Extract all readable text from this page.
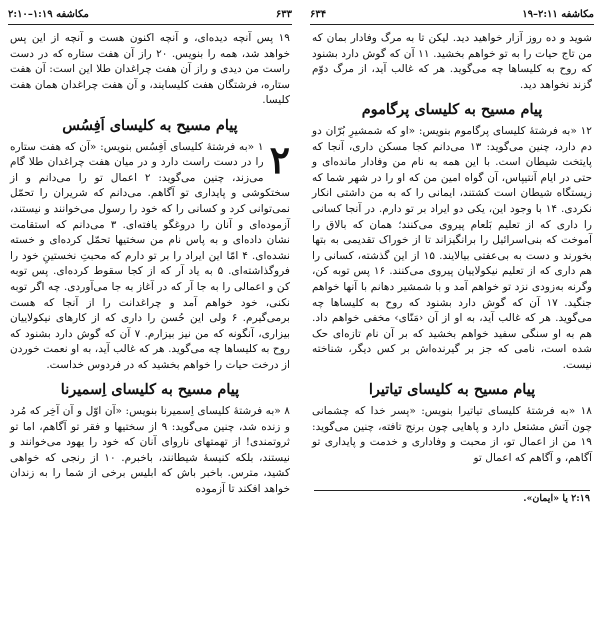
۶۳۳
مکاشفه ۱:۱۹–۲:۱۰

۱۹ پس آنچه دیده‌ای، و آنچه اکنون هست و آنچه از این پس خواهد شد، همه را بنویس. ۲۰ راز آن هفت ستاره که در دست راست من دیدی و راز آن هفت چراغدان طلا این است: آن هفت ستاره، فرشتگان هفت کلیسایند، و آن هفت چراغدان همان هفت کلیسا.

پیام مسیح به کلیسای اَفِسُس
۲

۱ «به فرشتهٔ کلیسای اَفِسُس بنویس: «آن که هفت ستاره را در دست راست دارد و در میان هفت چراغدان طلا گام می‌زند، چنین می‌گوید: ۲ اعمال تو را می‌دانم و از سختکوشی و پایداری تو آگاهم. می‌دانم که شریران را تحمّل نمی‌توانی کرد و کسانی را که خود را رسول می‌خوانند و نیستند، آزموده‌ای و آنان را دروغگو یافته‌ای. ۳ می‌دانم که استقامت نشان داده‌ای و به پاس نام من سختیها تحمّل کرده‌ای و خسته نشده‌ای. ۴ امّا این ایراد را بر تو دارم که محبتِ نخستینِ خود را فروگذاشته‌ای. ۵ به یاد آر که از کجا سقوط کرده‌ای. پس توبه کن و اعمالی را به جا آر که در آغاز به جا می‌آوردی. چه اگر توبه نکنی، خود خواهم آمد و چراغدانت را از آنجا که هست برمی‌گیرم. ۶ ولی این حُسن را داری که از کارهای نیکولاییان بیزاری، آنگونه که من نیز بیزارم. ۷ آن که گوش دارد بشنود که روح به کلیساها چه می‌گوید. هر که غالب آید، به او نعمت خوردن از درخت حیات را خواهم بخشید که در فردوس خداست.

پیام مسیح به کلیسای اِسمیرنا

۸ «به فرشتهٔ کلیسای اِسمیرنا بنویس: «آن اوّل و آن آخِر که مُرد و زنده شد، چنین می‌گوید: ۹ از سختیها و فقر تو آگاهم، اما تو ثروتمندی! از تهمتهای ناروای آنان که خود را یهود می‌خوانند و نیستند، بلکه کنیسهٔ شیطانند، باخبرم. ۱۰ از رنجی که خواهی کشید، مترس. باخبر باش که ابلیس برخی از شما را به زندان خواهد افکند تا آزموده

مکاشفه ۲:۱۱–۱۹
۶۳۴

شوید و ده روز آزار خواهید دید. لیکن تا به مرگ وفادار بمان که من تاج حیات را به تو خواهم بخشید. ۱۱ آن که گوش دارد بشنود که روح به کلیساها چه می‌گوید. هر که غالب آید، از مرگ دوّم گزند نخواهد دید.

پیام مسیح به کلیسای پرگاموم

۱۲ «به فرشتهٔ کلیسای پرگاموم بنویس: «او که شمشیرِ بُرّان دو دم دارد، چنین می‌گوید: ۱۳ می‌دانم کجا مسکن داری، آنجا که پایتخت شیطان است. با این همه به نام من وفادار مانده‌ای و حتی در ایام آنتیپاس، آن گواه امین من که او را در شهر شما که زیستگاه شیطان است کشتند، ایمانی را که به من داشتی انکار نکردی. ۱۴ با وجود این، یکی دو ایراد بر تو دارم. در آنجا کسانی را داری که از تعلیم بَلعام پیروی می‌کنند؛ همان که بالاق را آموخت که بنی‌اسرائیل را برانگیزاند تا از خوراک تقدیمی به بتها بخورند و دست به بی‌عفتی بیالایند. ۱۵ از این گذشته، کسانی را هم داری که از تعلیم نیکولاییان پیروی می‌کنند. ۱۶ پس توبه کن، وگرنه به‌زودی نزد تو خواهم آمد و با شمشیر دهانم با آنها خواهم جنگید. ۱۷ آن که گوش دارد بشنود که روح به کلیساها چه می‌گوید. هر که غالب آید، به او از آن ‹مَنّای› مخفی خواهم داد. هم به او سنگی سفید خواهم بخشید که بر آن نام تازه‌ای حک شده است، نامی که جز بر گیرنده‌اش بر کس دیگر، شناخته نیست.

پیام مسیح به کلیسای تیاتیرا

۱۸ «به فرشتهٔ کلیسای تیاتیرا بنویس: «پسر خدا که چشمانی چون آتش مشتعل دارد و پاهایی چون برنج تافته، چنین می‌گوید: ۱۹ من از اعمال تو، از محبت و وفاداری و خدمت و پایداری تو آگاهم، و آگاهم که اعمال تو

۲:۱۹ یا «ایمان».
